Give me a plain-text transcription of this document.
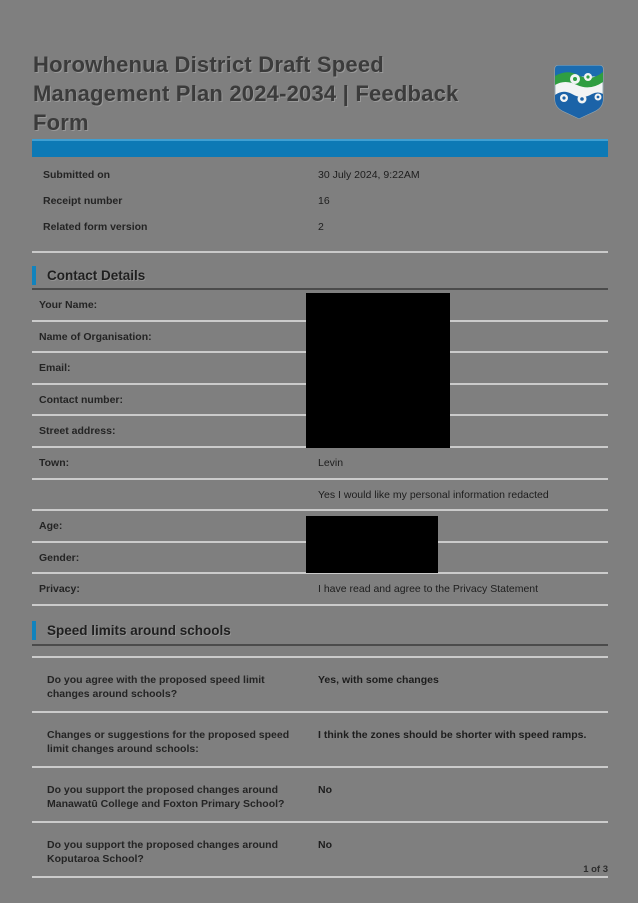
Horowhenua District Draft Speed Management Plan 2024-2034 | Feedback Form
Submitted on	30 July 2024, 9:22AM
Receipt number	16
Related form version	2
Contact Details
Your Name:
Name of Organisation:
Email:
Contact number:
Street address:
Town:	Levin
Yes I would like my personal information redacted
Age:
Gender:
Privacy:	I have read and agree to the Privacy Statement
Speed limits around schools
Do you agree with the proposed speed limit changes around schools?
Yes, with some changes
Changes or suggestions for the proposed speed limit changes around schools:
I think the zones should be shorter with speed ramps.
Do you support the proposed changes around Manawatū College and Foxton Primary School?
No
Do you support the proposed changes around Koputaroa School?
No
1 of 3
